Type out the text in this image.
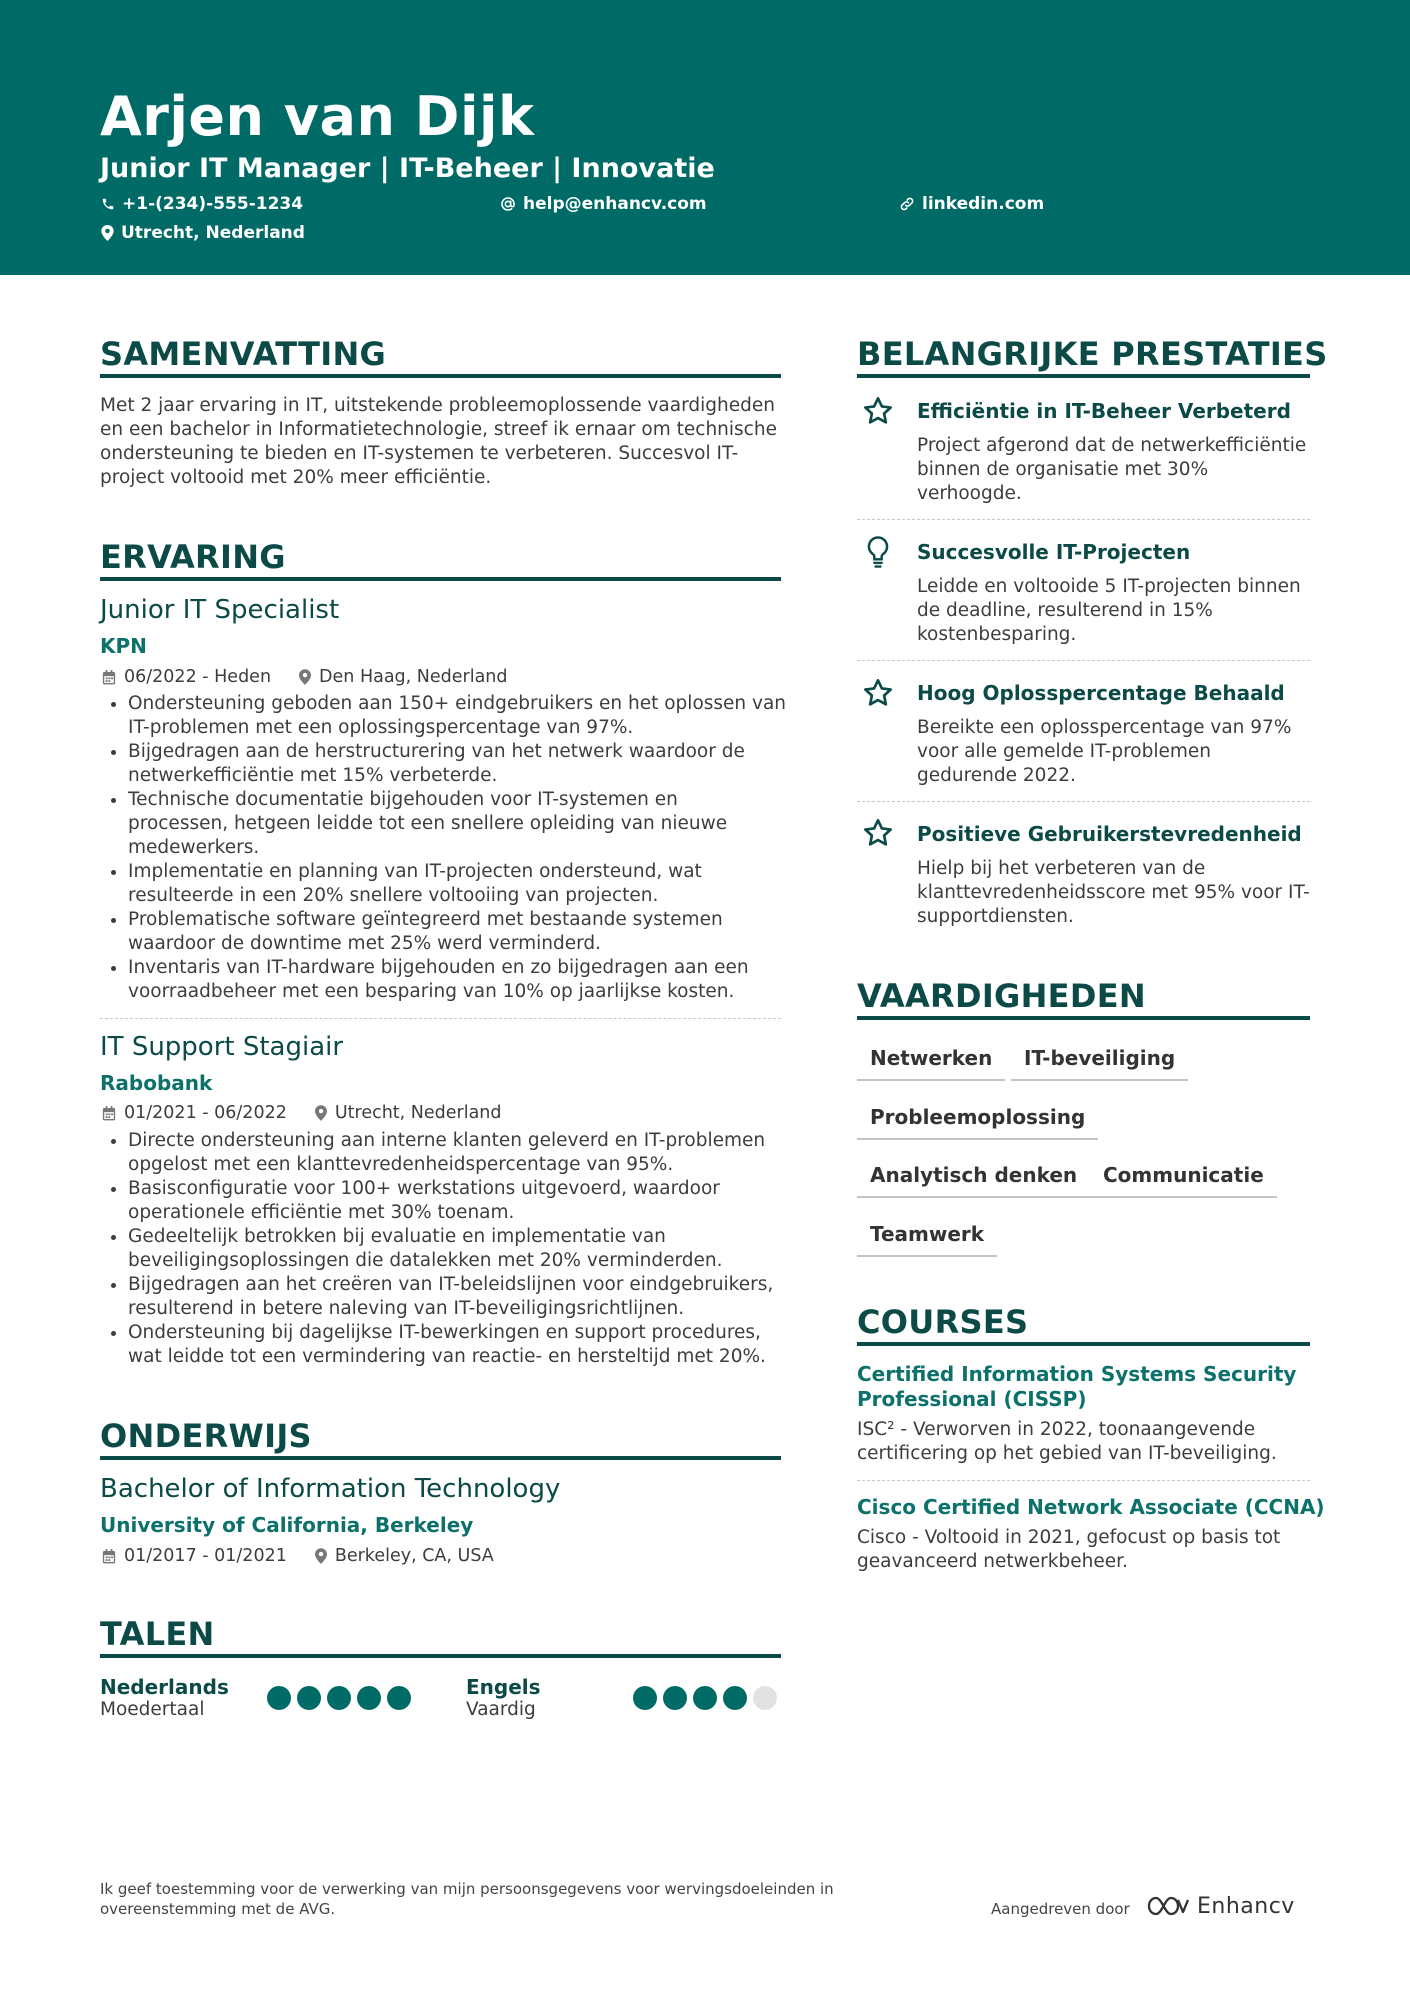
Arjen van Dijk
Junior IT Manager | IT-Beheer | Innovatie
+1-(234)-555-1234	help@enhancv.com	linkedin.com
Utrecht, Nederland
SAMENVATTING
Met 2 jaar ervaring in IT, uitstekende probleemoplossende vaardigheden
en een bachelor in Informatietechnologie, streef ik ernaar om technische
ondersteuning te bieden en IT-systemen te verbeteren. Succesvol IT-
project voltooid met 20% meer efficiëntie.
ERVARING
Junior IT Specialist
KPN
06/2022 - Heden	Den Haag, Nederland
Ondersteuning geboden aan 150+ eindgebruikers en het oplossen van
IT-problemen met een oplossingspercentage van 97%.
Bijgedragen aan de herstructurering van het netwerk waardoor de
netwerkefficiëntie met 15% verbeterde.
Technische documentatie bijgehouden voor IT-systemen en
processen, hetgeen leidde tot een snellere opleiding van nieuwe
medewerkers.
Implementatie en planning van IT-projecten ondersteund, wat
resulteerde in een 20% snellere voltooiing van projecten.
Problematische software geïntegreerd met bestaande systemen
waardoor de downtime met 25% werd verminderd.
Inventaris van IT-hardware bijgehouden en zo bijgedragen aan een
voorraadbeheer met een besparing van 10% op jaarlijkse kosten.
IT Support Stagiair
Rabobank
01/2021 - 06/2022	Utrecht, Nederland
Directe ondersteuning aan interne klanten geleverd en IT-problemen
opgelost met een klanttevredenheidspercentage van 95%.
Basisconfiguratie voor 100+ werkstations uitgevoerd, waardoor
operationele efficiëntie met 30% toenam.
Gedeeltelijk betrokken bij evaluatie en implementatie van
beveiligingsoplossingen die datalekken met 20% verminderden.
Bijgedragen aan het creëren van IT-beleidslijnen voor eindgebruikers,
resulterend in betere naleving van IT-beveiligingsrichtlijnen.
Ondersteuning bij dagelijkse IT-bewerkingen en support procedures,
wat leidde tot een vermindering van reactie- en hersteltijd met 20%.
ONDERWIJS
Bachelor of Information Technology
University of California, Berkeley
01/2017 - 01/2021	Berkeley, CA, USA
TALEN
Nederlands
Moedertaal
Engels
Vaardig
BELANGRIJKE PRESTATIES
Efficiëntie in IT-Beheer Verbeterd
Project afgerond dat de netwerkefficiëntie
binnen de organisatie met 30%
verhoogde.
Succesvolle IT-Projecten
Leidde en voltooide 5 IT-projecten binnen
de deadline, resulterend in 15%
kostenbesparing.
Hoog Oplosspercentage Behaald
Bereikte een oplosspercentage van 97%
voor alle gemelde IT-problemen
gedurende 2022.
Positieve Gebruikerstevredenheid
Hielp bij het verbeteren van de
klanttevredenheidsscore met 95% voor IT-
supportdiensten.
VAARDIGHEDEN
Netwerken	IT-beveiliging
Probleemoplossing
Analytisch denken	Communicatie
Teamwerk
COURSES
Certified Information Systems Security
Professional (CISSP)
ISC² - Verworven in 2022, toonaangevende
certificering op het gebied van IT-beveiliging.
Cisco Certified Network Associate (CCNA)
Cisco - Voltooid in 2021, gefocust op basis tot
geavanceerd netwerkbeheer.
Ik geef toestemming voor de verwerking van mijn persoonsgegevens voor wervingsdoeleinden in
overeenstemming met de AVG.	Aangedreven door	Enhancv
